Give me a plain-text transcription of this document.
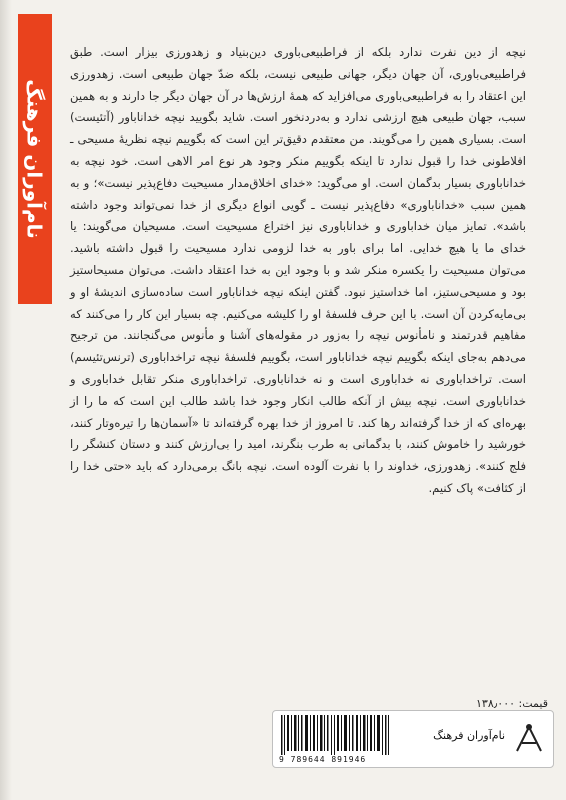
نام‌آوران فرهنگ

نیچه از دین نفرت ندارد بلکه از فراطبیعی‌باوری دین‌بنیاد و زهدورزی بیزار است. طبق فراطبیعی‌باوری، آن جهان دیگر، جهانی طبیعی نیست، بلکه ضدّ جهان طبیعی است. زهدورزی این اعتقاد را به فراطبیعی‌باوری می‌افزاید که همهٔ ارزش‌ها در آن جهان دیگر جا دارند و به همین سبب، جهان طبیعی هیچ ارزشی ندارد و به‌دردنخور است. شاید بگویید نیچه خداناباور (آتئیست) است. بسیاری همین را می‌گویند. من معتقدم دقیق‌تر این است که بگوییم نیچه نظریهٔ مسیحی ـ افلاطونی خدا را قبول ندارد تا اینکه بگوییم منکر وجود هر نوع امر الاهی است. خود نیچه به خداناباوری بسیار بدگمان است. او می‌گوید: «خدای اخلاق‌مدار مسیحیت دفاع‌پذیر نیست»؛ و به همین سبب «خداناباوری» دفاع‌پذیر نیست ـ گویی انواع دیگری از خدا نمی‌تواند وجود داشته باشد». تمایز میان خداباوری و خداناباوری نیز اختراع مسیحیت است. مسیحیان می‌گویند: یا خدای ما یا هیچ خدایی. اما برای باور به خدا لزومی ندارد مسیحیت را قبول داشته باشید. می‌توان مسیحیت را یکسره منکر شد و با وجود این به خدا اعتقاد داشت. می‌توان مسیحاستیز بود و مسیحی‌ستیز، اما خداستیز نبود. گفتن اینکه نیچه خداناباور است ساده‌سازی اندیشهٔ او و بی‌مایه‌کردن آن است. با این حرف فلسفهٔ او را کلیشه می‌کنیم. چه بسیار این کار را می‌کنند که مفاهیم قدرتمند و نامأنوس نیچه را به‌زور در مقوله‌های آشنا و مأنوس می‌گنجانند. من ترجیح می‌دهم به‌جای اینکه بگوییم نیچه خداناباور است، بگوییم فلسفهٔ نیچه تراخداباوری (ترنس‌تئیسم) است. تراخداباوری نه خداباوری است و نه خداناباوری. تراخداباوری منکر تقابل خداباوری و خداناباوری است. نیچه بیش از آنکه طالب انکار وجود خدا باشد طالب این است که ما را از بهره‌ای که از خدا گرفته‌اند رها کند. تا امروز از خدا بهره گرفته‌اند تا «آسمان‌ها را تیره‌وتار کنند، خورشید را خاموش کنند، با بدگمانی به طرب بنگرند، امید را بی‌ارزش کنند و دستان کنشگر را فلج کنند». زهدورزی، خداوند را با نفرت آلوده است. نیچه بانگ برمی‌دارد که باید «حتی خدا را از کثافت» پاک کنیم.

قیمت: ۱۳۸٫۰۰۰
9 789644 891946
نام‌آوران فرهنگ
